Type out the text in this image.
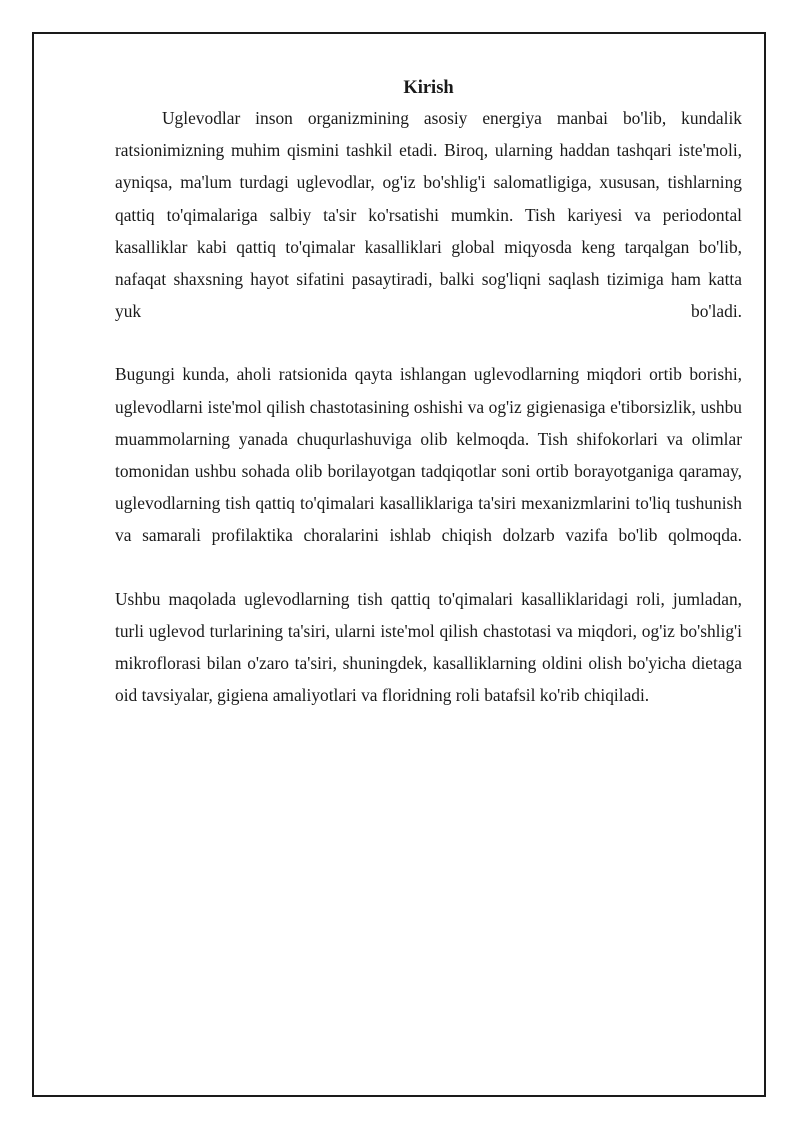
Kirish

Uglevodlar inson organizmining asosiy energiya manbai bo'lib, kundalik ratsionimizning muhim qismini tashkil etadi. Biroq, ularning haddan tashqari iste'moli, ayniqsa, ma'lum turdagi uglevodlar, og'iz bo'shlig'i salomatligiga, xususan, tishlarning qattiq to'qimalariga salbiy ta'sir ko'rsatishi mumkin. Tish kariyesi va periodontal kasalliklar kabi qattiq to'qimalar kasalliklari global miqyosda keng tarqalgan bo'lib, nafaqat shaxsning hayot sifatini pasaytiradi, balki sog'liqni saqlash tizimiga ham katta yuk bo'ladi.

Bugungi kunda, aholi ratsionida qayta ishlangan uglevodlarning miqdori ortib borishi, uglevodlarni iste'mol qilish chastotasining oshishi va og'iz gigienasiga e'tiborsizlik, ushbu muammolarning yanada chuqurlashuviga olib kelmoqda. Tish shifokorlari va olimlar tomonidan ushbu sohada olib borilayotgan tadqiqotlar soni ortib borayotganiga qaramay, uglevodlarning tish qattiq to'qimalari kasalliklariga ta'siri mexanizmlarini to'liq tushunish va samarali profilaktika choralarini ishlab chiqish dolzarb vazifa bo'lib qolmoqda.

Ushbu maqolada uglevodlarning tish qattiq to'qimalari kasalliklaridagi roli, jumladan, turli uglevod turlarining ta'siri, ularni iste'mol qilish chastotasi va miqdori, og'iz bo'shlig'i mikroflorasi bilan o'zaro ta'siri, shuningdek, kasalliklarning oldini olish bo'yicha dietaga oid tavsiyalar, gigiena amaliyotlari va floridning roli batafsil ko'rib chiqiladi.
